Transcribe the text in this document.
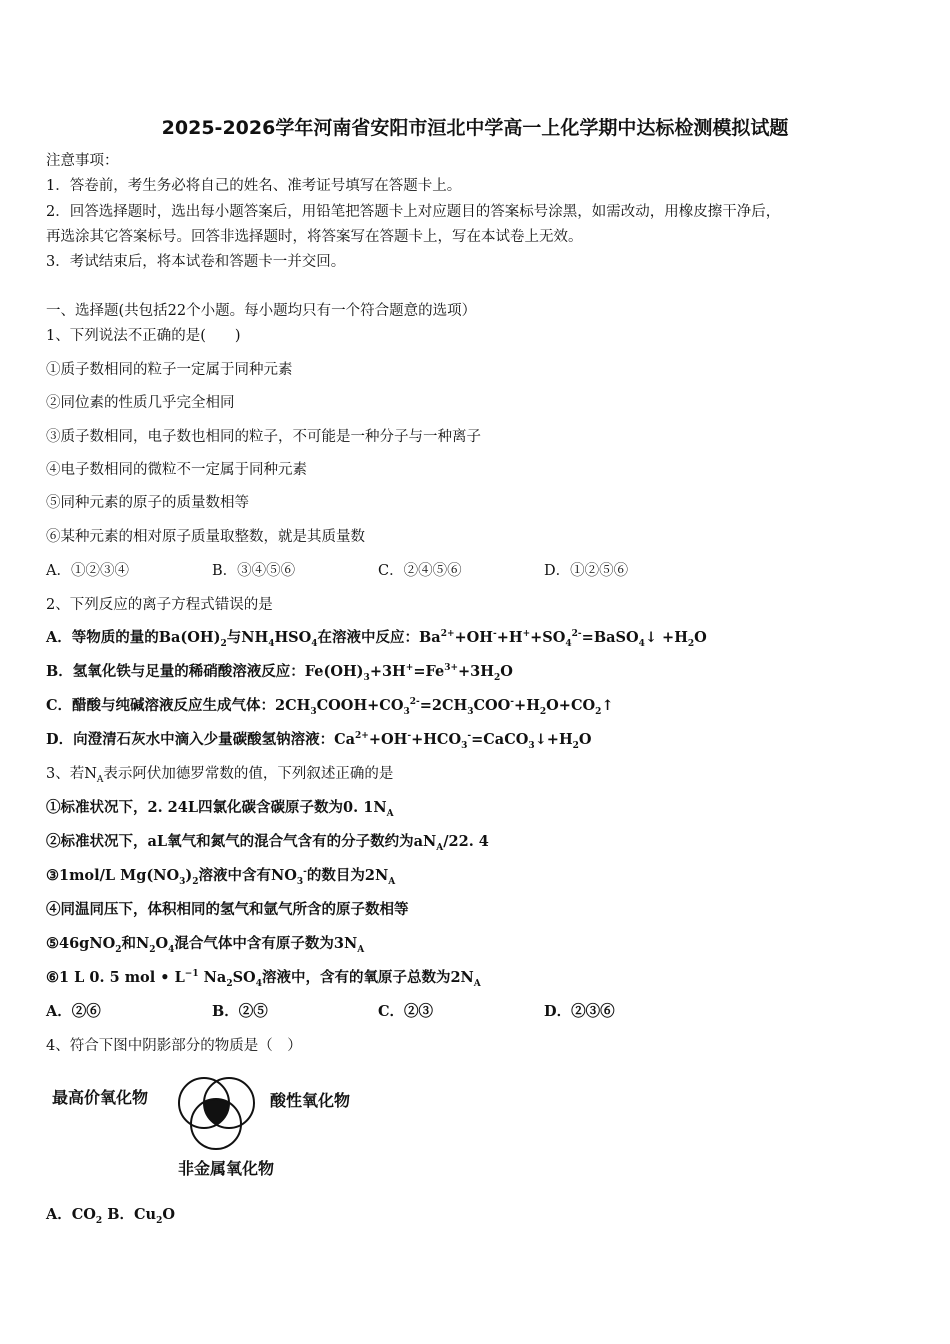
2025-2026学年河南省安阳市洹北中学高一上化学期中达标检测模拟试题
注意事项：
1．答卷前，考生务必将自己的姓名、准考证号填写在答题卡上。
2．回答选择题时，选出每小题答案后，用铅笔把答题卡上对应题目的答案标号涂黑，如需改动，用橡皮擦干净后，
再选涂其它答案标号。回答非选择题时，将答案写在答题卡上，写在本试卷上无效。
3．考试结束后，将本试卷和答题卡一并交回。
一、选择题(共包括22个小题。每小题均只有一个符合题意的选项）
1、下列说法不正确的是(　　)
①质子数相同的粒子一定属于同种元素
②同位素的性质几乎完全相同
③质子数相同，电子数也相同的粒子，不可能是一种分子与一种离子
④电子数相同的微粒不一定属于同种元素
⑤同种元素的原子的质量数相等
⑥某种元素的相对原子质量取整数，就是其质量数
A．①②③④	B．③④⑤⑥	C．②④⑤⑥	D．①②⑤⑥
2、下列反应的离子方程式错误的是
A．等物质的量的$Ba(OH)_2$与$NH_4HSO_4$在溶液中反应：$Ba^{2+}+OH^-+H^++SO_4^{2-}=BaSO_4↓ +H_2O$
B．氢氧化铁与足量的稀硝酸溶液反应：$Fe(OH)_3+3H^+=Fe^{3+}+3H_2O$
C．醋酸与纯碱溶液反应生成气体：$2CH_3COOH+CO_3^{2-}=2CH_3COO^-+H_2O+CO_2↑$
D．向澄清石灰水中滴入少量碳酸氢钠溶液：$Ca^{2+}+OH^-+HCO_3^-=CaCO_3↓+H_2O$
3、若$N_A$表示阿伏加德罗常数的值，下列叙述正确的是
①标准状况下，2. 24L四氯化碳含碳原子数为0. $1N_A$
②标准状况下，aL氧气和氮气的混合气含有的分子数约为$aN_A/22$. 4
③1mol/L $Mg(NO_3)_2$溶液中含有$NO_3^-$的数目为$2N_A$
④同温同压下，体积相同的氢气和氩气所含的原子数相等
⑤46gNO$_2$和$N_2O_4$混合气体中含有原子数为$3N_A$
⑥1 L 0. 5 mol • $L^{-1}$ $Na_2SO_4$溶液中，含有的氧原子总数为$2N_A$
A．②⑥	B．②⑤	C．②③	D．②③⑥
4、符合下图中阴影部分的物质是（　）
最高价氧化物	酸性氧化物
非金属氧化物
A．$CO_2$ B．$Cu_2O$
